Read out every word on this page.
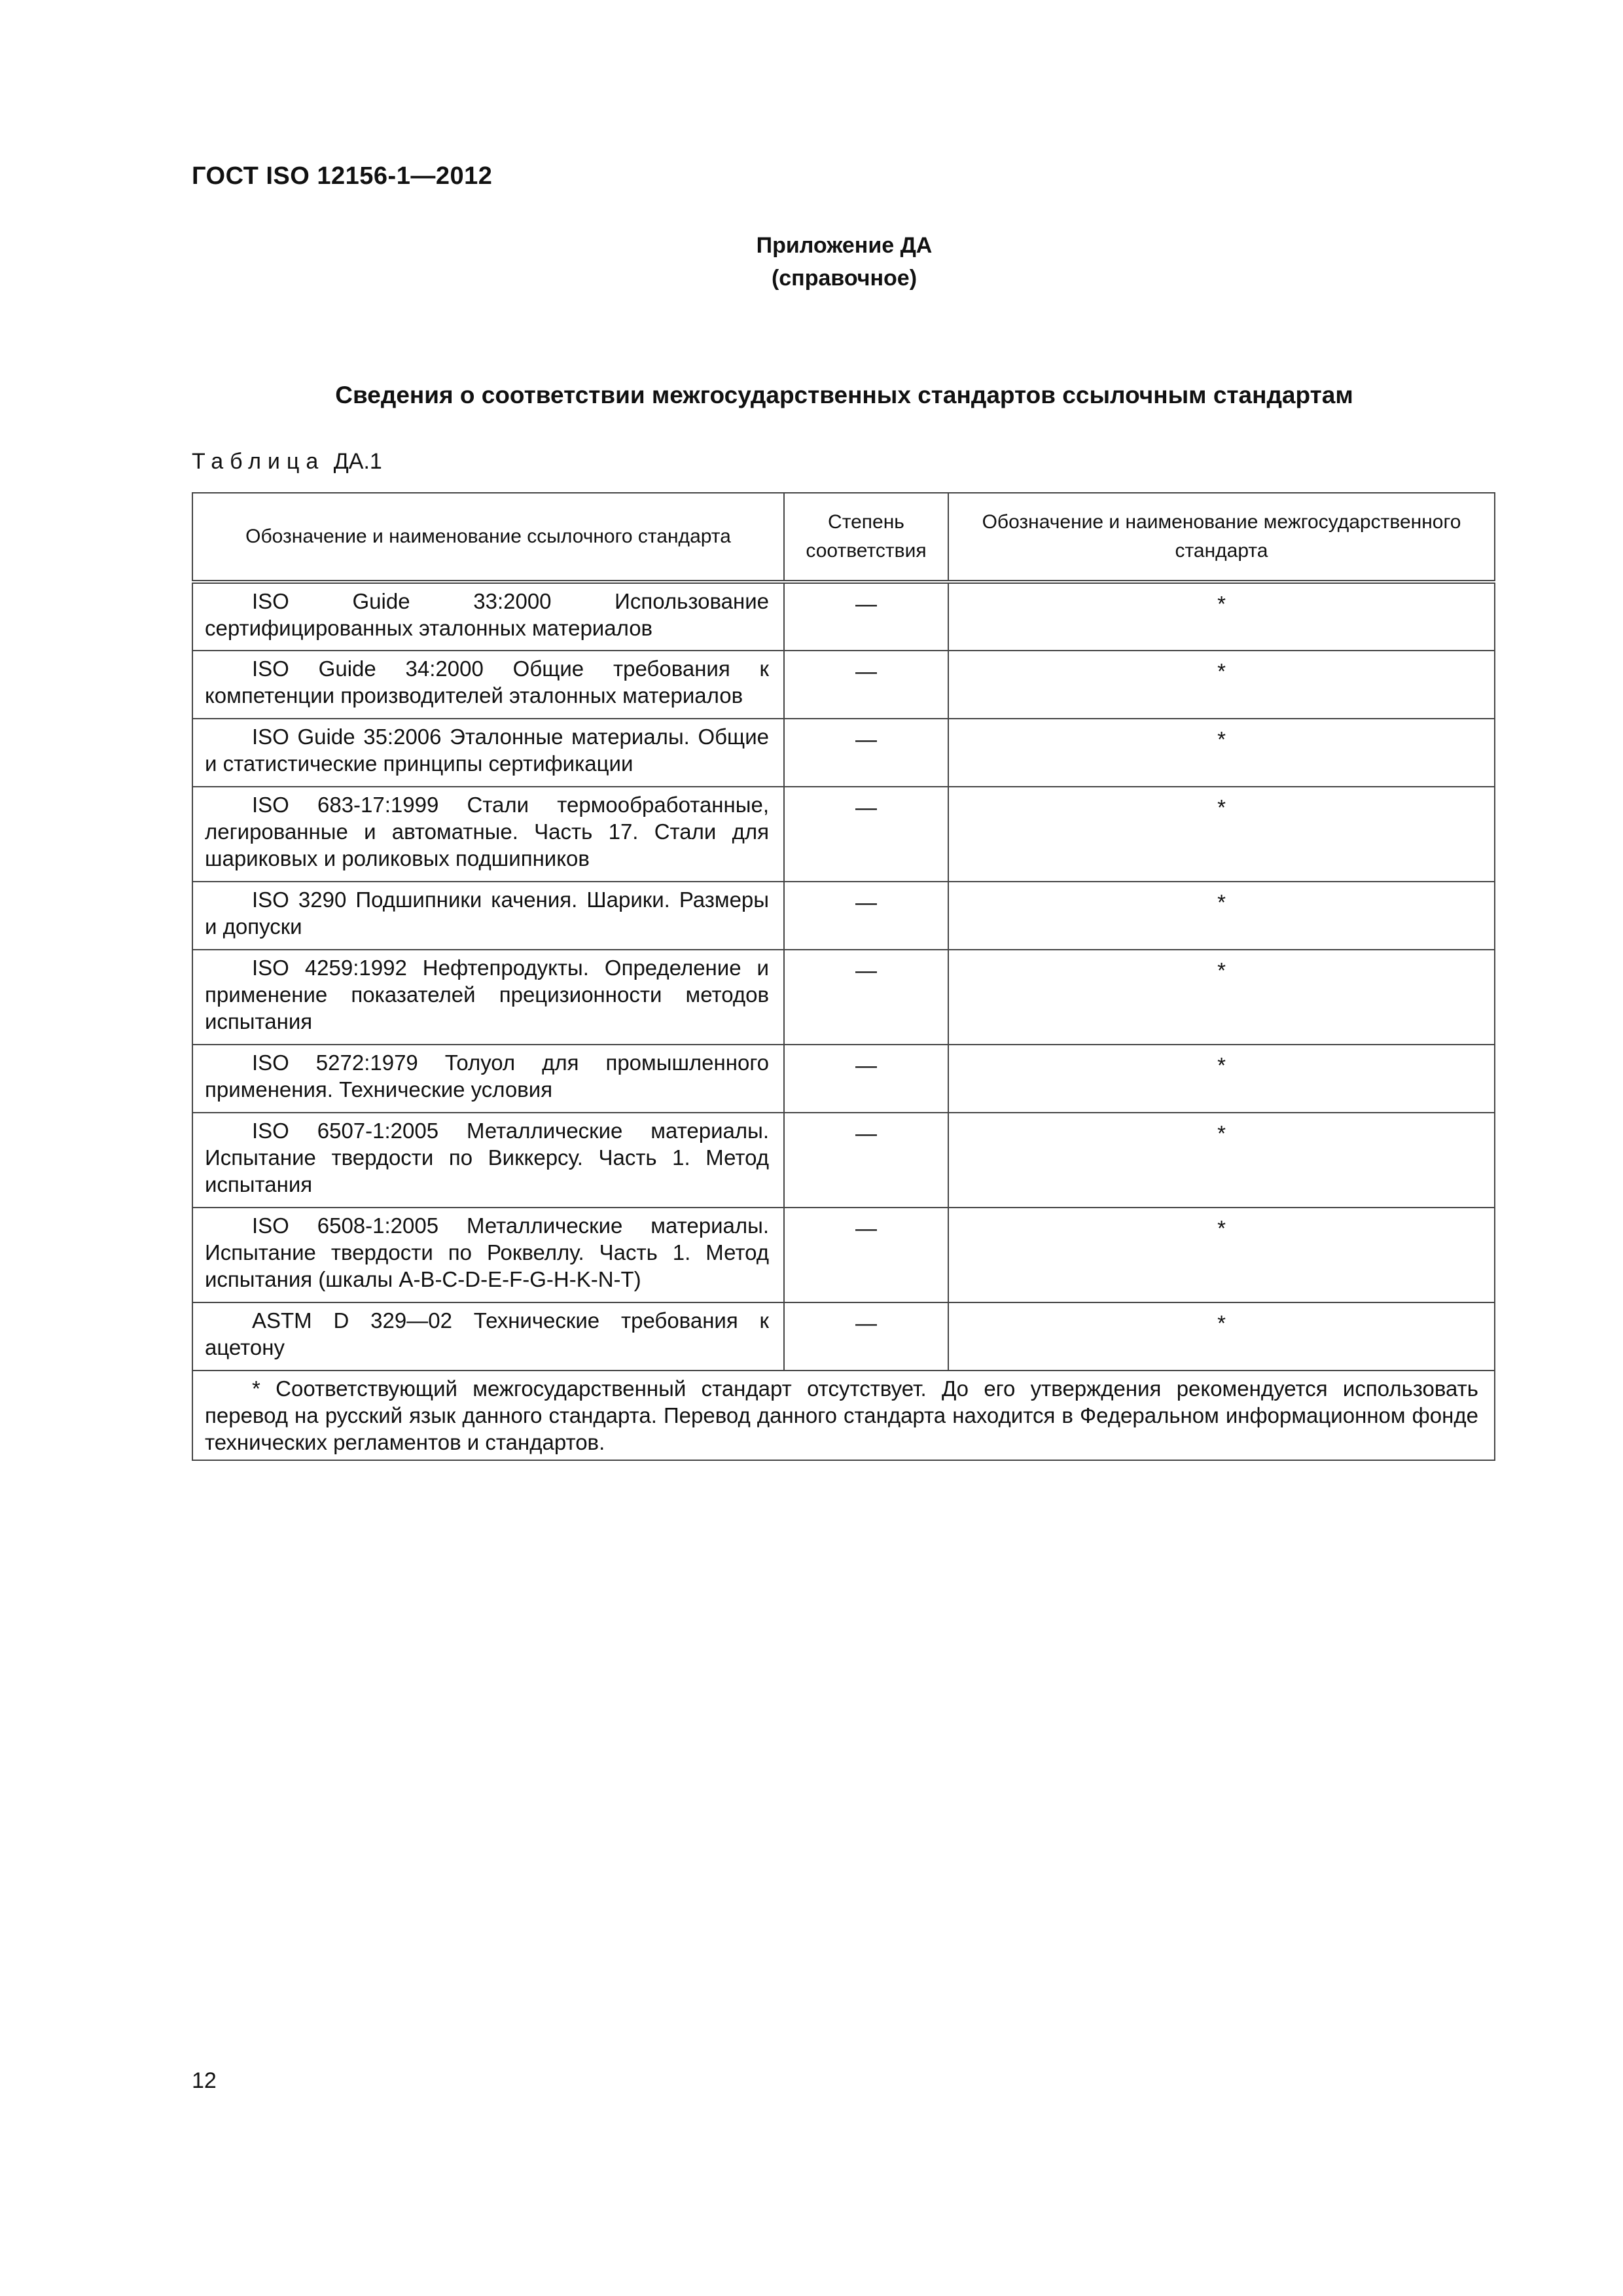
ГОСТ ISO 12156-1—2012
Приложение ДА
(справочное)
Сведения о соответствии межгосударственных стандартов ссылочным стандартам
Таблица ДА.1
Обозначение и наименование ссылочного стандарта	Степень соответствия	Обозначение и наименование межгосударственного стандарта
ISO Guide 33:2000 Использование сертифицированных эталонных материалов	—	*
ISO Guide 34:2000 Общие требования к компетенции производителей эталонных материалов	—	*
ISO Guide 35:2006 Эталонные материалы. Общие и статистические принципы сертификации	—	*
ISO 683-17:1999 Стали термообработанные, легированные и автоматные. Часть 17. Стали для шариковых и роликовых подшипников	—	*
ISO 3290 Подшипники качения. Шарики. Размеры и допуски	—	*
ISO 4259:1992 Нефтепродукты. Определение и применение показателей прецизионности методов испытания	—	*
ISO 5272:1979 Толуол для промышленного применения. Технические условия	—	*
ISO 6507-1:2005 Металлические материалы. Испытание твердости по Виккерсу. Часть 1. Метод испытания	—	*
ISO 6508-1:2005 Металлические материалы. Испытание твердости по Роквеллу. Часть 1. Метод испытания (шкалы A-B-C-D-E-F-G-H-K-N-T)	—	*
ASTM D 329—02 Технические требования к ацетону	—	*
* Соответствующий межгосударственный стандарт отсутствует. До его утверждения рекомендуется использовать перевод на русский язык данного стандарта. Перевод данного стандарта находится в Федеральном информационном фонде технических регламентов и стандартов.		
12
